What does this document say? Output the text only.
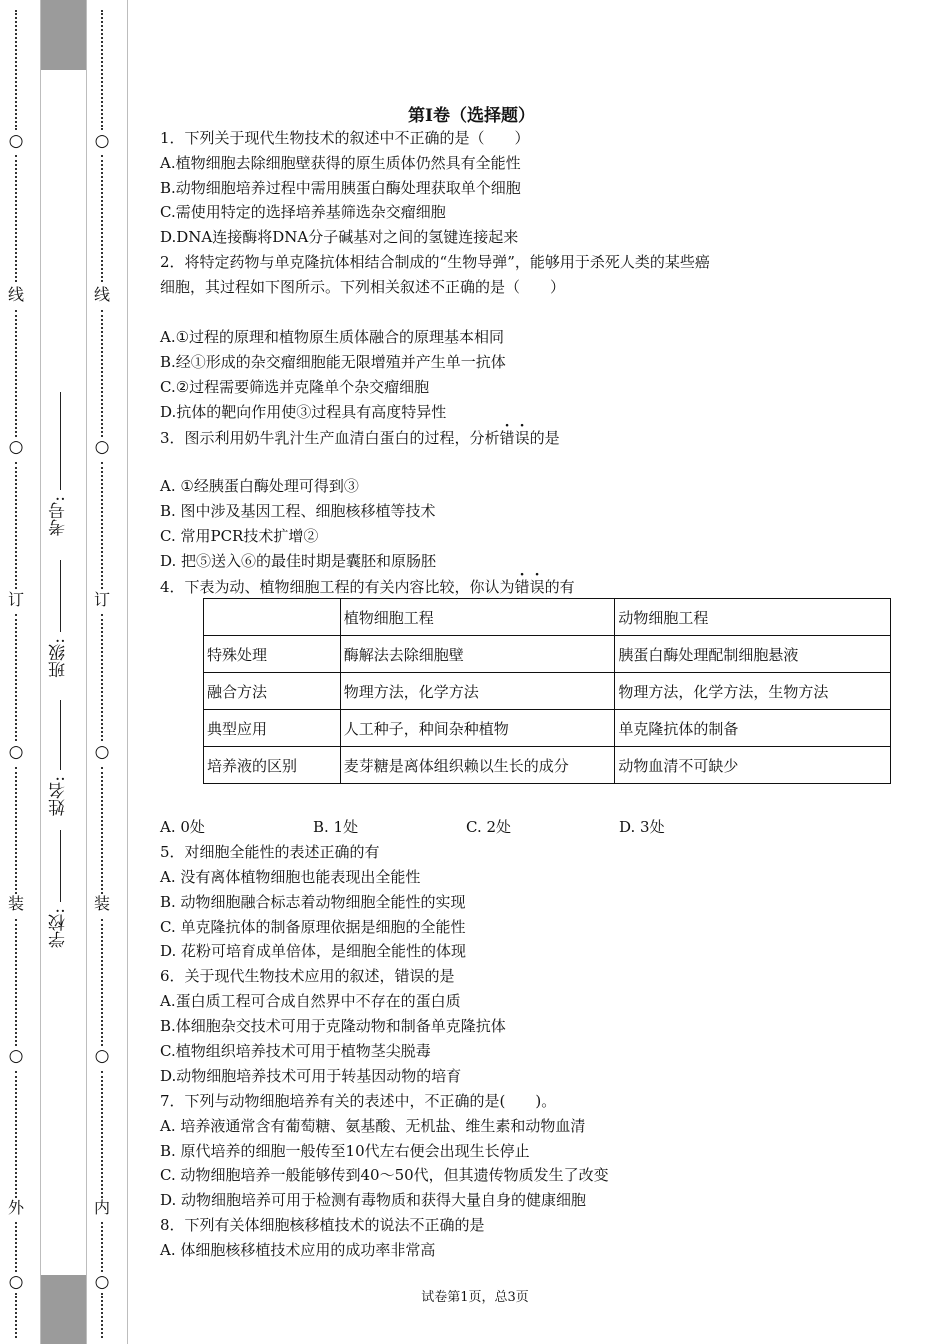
○
线
○
订
○
装
○
外
○
学校:
姓名:
班级:
考号:
○
线
○
订
○
装
○
内
○
第I卷（选择题）
1．下列关于现代生物技术的叙述中不正确的是（　　）
A.植物细胞去除细胞壁获得的原生质体仍然具有全能性
B.动物细胞培养过程中需用胰蛋白酶处理获取单个细胞
C.需使用特定的选择培养基筛选杂交瘤细胞
D.DNA连接酶将DNA分子碱基对之间的氢键连接起来
2．将特定药物与单克隆抗体相结合制成的“生物导弹”，能够用于杀死人类的某些癌
细胞，其过程如下图所示。下列相关叙述不正确的是（　　）
A.①过程的原理和植物原生质体融合的原理基本相同
B.经①形成的杂交瘤细胞能无限增殖并产生单一抗体
C.②过程需要筛选并克隆单个杂交瘤细胞
D.抗体的靶向作用使③过程具有高度特异性
3．图示利用奶牛乳汁生产血清白蛋白的过程，分析错误的是
A. ①经胰蛋白酶处理可得到③
B. 图中涉及基因工程、细胞核移植等技术
C. 常用PCR技术扩增②
D. 把⑤送入⑥的最佳时期是囊胚和原肠胚
4．下表为动、植物细胞工程的有关内容比较，你认为错误的有
	植物细胞工程	动物细胞工程
特殊处理	酶解法去除细胞壁	胰蛋白酶处理配制细胞悬液
融合方法	物理方法，化学方法	物理方法，化学方法，生物方法
典型应用	人工种子，种间杂种植物	单克隆抗体的制备
培养液的区别	麦芽糖是离体组织赖以生长的成分	动物血清不可缺少
A. 0处	B. 1处	C. 2处	D. 3处
5．对细胞全能性的表述正确的有
A. 没有离体植物细胞也能表现出全能性
B. 动物细胞融合标志着动物细胞全能性的实现
C. 单克隆抗体的制备原理依据是细胞的全能性
D. 花粉可培育成单倍体，是细胞全能性的体现
6．关于现代生物技术应用的叙述，错误的是
A.蛋白质工程可合成自然界中不存在的蛋白质
B.体细胞杂交技术可用于克隆动物和制备单克隆抗体
C.植物组织培养技术可用于植物茎尖脱毒
D.动物细胞培养技术可用于转基因动物的培育
7．下列与动物细胞培养有关的表述中，不正确的是(　　)。
A. 培养液通常含有葡萄糖、氨基酸、无机盐、维生素和动物血清
B. 原代培养的细胞一般传至10代左右便会出现生长停止
C. 动物细胞培养一般能够传到40～50代，但其遗传物质发生了改变
D. 动物细胞培养可用于检测有毒物质和获得大量自身的健康细胞
8．下列有关体细胞核移植技术的说法不正确的是
A. 体细胞核移植技术应用的成功率非常高
试卷第1页，总3页
